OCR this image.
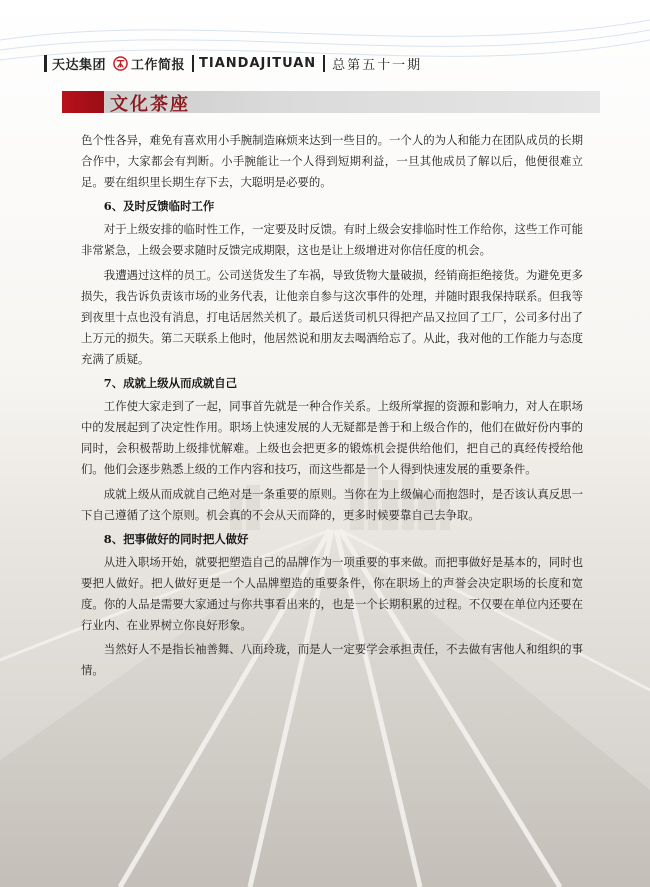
天达集团 工作简报 TIANDAJITUAN 总第五十一期
文化茶座

色个性各异，难免有喜欢用小手腕制造麻烦来达到一些目的。一个人的为人和能力在团队成员的长期合作中，大家都会有判断。小手腕能让一个人得到短期利益，一旦其他成员了解以后，他便很难立足。要在组织里长期生存下去，大聪明是必要的。

6、及时反馈临时工作

对于上级安排的临时性工作，一定要及时反馈。有时上级会安排临时性工作给你，这些工作可能非常紧急，上级会要求随时反馈完成期限，这也是让上级增进对你信任度的机会。

我遭遇过这样的员工。公司送货发生了车祸，导致货物大量破损，经销商拒绝接货。为避免更多损失，我告诉负责该市场的业务代表，让他亲自参与这次事件的处理，并随时跟我保持联系。但我等到夜里十点也没有消息，打电话居然关机了。最后送货司机只得把产品又拉回了工厂，公司多付出了上万元的损失。第二天联系上他时，他居然说和朋友去喝酒给忘了。从此，我对他的工作能力与态度充满了质疑。

7、成就上级从而成就自己

工作使大家走到了一起，同事首先就是一种合作关系。上级所掌握的资源和影响力，对人在职场中的发展起到了决定性作用。职场上快速发展的人无疑都是善于和上级合作的，他们在做好份内事的同时，会积极帮助上级排忧解难。上级也会把更多的锻炼机会提供给他们，把自己的真经传授给他们。他们会逐步熟悉上级的工作内容和技巧，而这些都是一个人得到快速发展的重要条件。

成就上级从而成就自己绝对是一条重要的原则。当你在为上级偏心而抱怨时，是否该认真反思一下自己遵循了这个原则。机会真的不会从天而降的，更多时候要靠自己去争取。

8、把事做好的同时把人做好

从进入职场开始，就要把塑造自己的品牌作为一项重要的事来做。而把事做好是基本的，同时也要把人做好。把人做好更是一个人品牌塑造的重要条件，你在职场上的声誉会决定职场的长度和宽度。你的人品是需要大家通过与你共事看出来的，也是一个长期积累的过程。不仅要在单位内还要在行业内、在业界树立你良好形象。

当然好人不是指长袖善舞、八面玲珑，而是人一定要学会承担责任，不去做有害他人和组织的事情。
